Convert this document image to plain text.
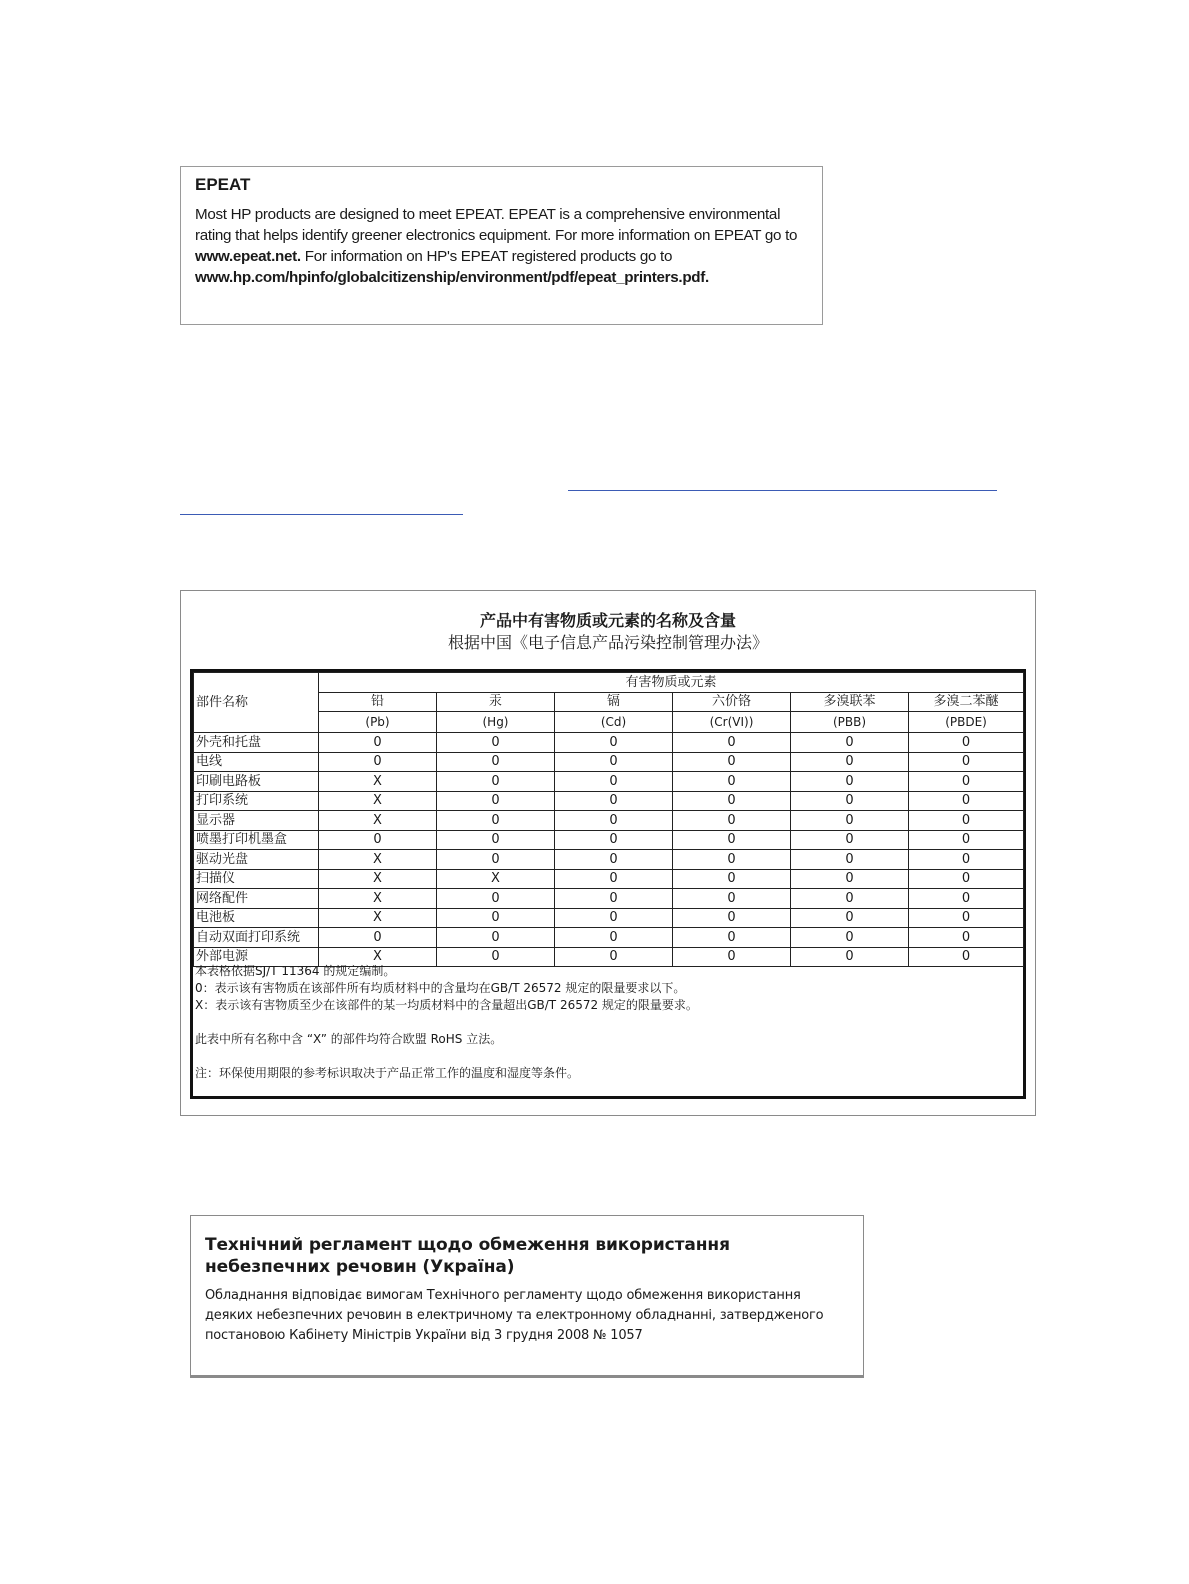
EPEAT
Most HP products are designed to meet EPEAT. EPEAT is a comprehensive environmental rating that helps identify greener electronics equipment. For more information on EPEAT go to www.epeat.net. For information on HP's EPEAT registered products go to
www.hp.com/hpinfo/globalcitizenship/environment/pdf/epeat_printers.pdf.
产品中有害物质或元素的名称及含量
根据中国《电子信息产品污染控制管理办法》
部件名称	有害物质或元素					
	铅	汞	镉	六价铬	多溴联苯	多溴二苯醚
	(Pb)	(Hg)	(Cd)	(Cr(VI))	(PBB)	(PBDE)
外壳和托盘	0	0	0	0	0	0
电线	0	0	0	0	0	0
印刷电路板	X	0	0	0	0	0
打印系统	X	0	0	0	0	0
显示器	X	0	0	0	0	0
喷墨打印机墨盒	0	0	0	0	0	0
驱动光盘	X	0	0	0	0	0
扫描仪	X	X	0	0	0	0
网络配件	X	0	0	0	0	0
电池板	X	0	0	0	0	0
自动双面打印系统	0	0	0	0	0	0
外部电源	X	0	0	0	0	0
本表格依据SJ/T 11364 的规定编制。
0：表示该有害物质在该部件所有均质材料中的含量均在GB/T 26572 规定的限量要求以下。
X：表示该有害物质至少在该部件的某一均质材料中的含量超出GB/T 26572 规定的限量要求。
此表中所有名称中含 “X” 的部件均符合欧盟 RoHS 立法。
注：环保使用期限的参考标识取决于产品正常工作的温度和湿度等条件。
Технічний регламент щодо обмеження використання небезпечних речовин (Україна)
Обладнання відповідає вимогам Технічного регламенту щодо обмеження використання деяких небезпечних речовин в електричному та електронному обладнанні, затвердженого постановою Кабінету Міністрів України від 3 грудня 2008 № 1057
